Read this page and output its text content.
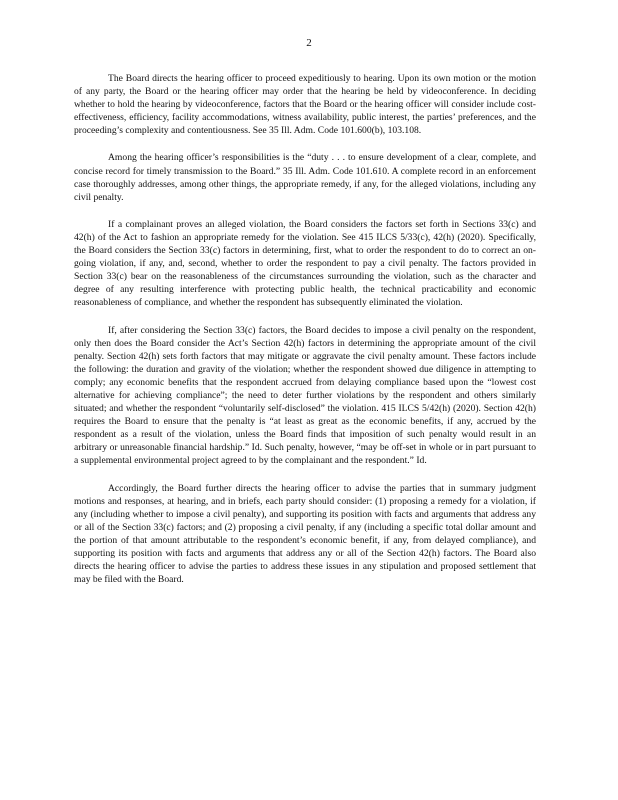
2

The Board directs the hearing officer to proceed expeditiously to hearing. Upon its own motion or the motion of any party, the Board or the hearing officer may order that the hearing be held by videoconference. In deciding whether to hold the hearing by videoconference, factors that the Board or the hearing officer will consider include cost-effectiveness, efficiency, facility accommodations, witness availability, public interest, the parties’ preferences, and the proceeding’s complexity and contentiousness. See 35 Ill. Adm. Code 101.600(b), 103.108.

Among the hearing officer’s responsibilities is the “duty . . . to ensure development of a clear, complete, and concise record for timely transmission to the Board.” 35 Ill. Adm. Code 101.610. A complete record in an enforcement case thoroughly addresses, among other things, the appropriate remedy, if any, for the alleged violations, including any civil penalty.

If a complainant proves an alleged violation, the Board considers the factors set forth in Sections 33(c) and 42(h) of the Act to fashion an appropriate remedy for the violation. See 415 ILCS 5/33(c), 42(h) (2020). Specifically, the Board considers the Section 33(c) factors in determining, first, what to order the respondent to do to correct an on-going violation, if any, and, second, whether to order the respondent to pay a civil penalty. The factors provided in Section 33(c) bear on the reasonableness of the circumstances surrounding the violation, such as the character and degree of any resulting interference with protecting public health, the technical practicability and economic reasonableness of compliance, and whether the respondent has subsequently eliminated the violation.

If, after considering the Section 33(c) factors, the Board decides to impose a civil penalty on the respondent, only then does the Board consider the Act’s Section 42(h) factors in determining the appropriate amount of the civil penalty. Section 42(h) sets forth factors that may mitigate or aggravate the civil penalty amount. These factors include the following: the duration and gravity of the violation; whether the respondent showed due diligence in attempting to comply; any economic benefits that the respondent accrued from delaying compliance based upon the “lowest cost alternative for achieving compliance”; the need to deter further violations by the respondent and others similarly situated; and whether the respondent “voluntarily self-disclosed” the violation. 415 ILCS 5/42(h) (2020). Section 42(h) requires the Board to ensure that the penalty is “at least as great as the economic benefits, if any, accrued by the respondent as a result of the violation, unless the Board finds that imposition of such penalty would result in an arbitrary or unreasonable financial hardship.” Id. Such penalty, however, “may be off-set in whole or in part pursuant to a supplemental environmental project agreed to by the complainant and the respondent.” Id.

Accordingly, the Board further directs the hearing officer to advise the parties that in summary judgment motions and responses, at hearing, and in briefs, each party should consider: (1) proposing a remedy for a violation, if any (including whether to impose a civil penalty), and supporting its position with facts and arguments that address any or all of the Section 33(c) factors; and (2) proposing a civil penalty, if any (including a specific total dollar amount and the portion of that amount attributable to the respondent’s economic benefit, if any, from delayed compliance), and supporting its position with facts and arguments that address any or all of the Section 42(h) factors. The Board also directs the hearing officer to advise the parties to address these issues in any stipulation and proposed settlement that may be filed with the Board.
